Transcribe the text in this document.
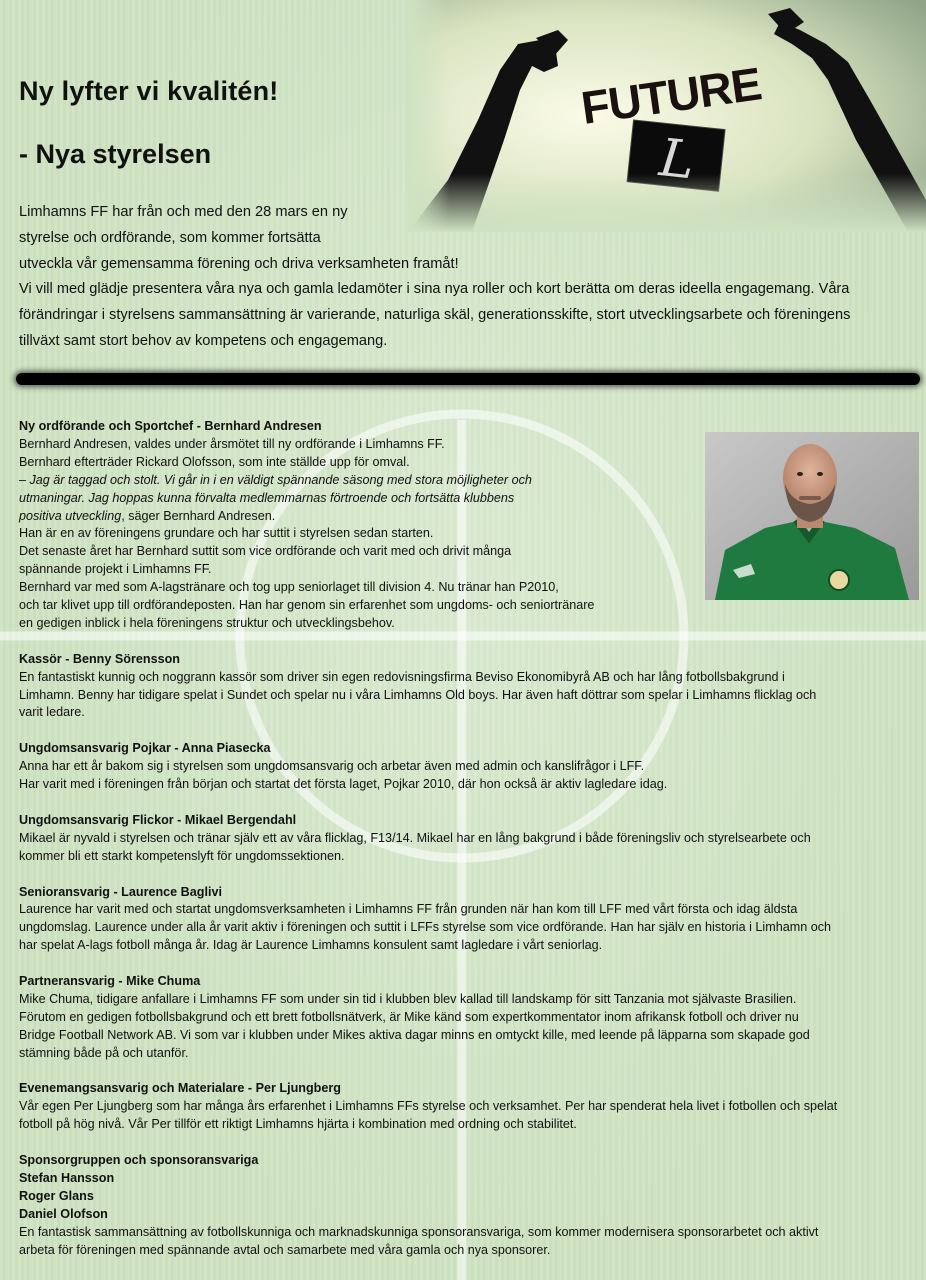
Ny lyfter vi kvalitén!
- Nya styrelsen
Limhamns FF har från och med den 28 mars en ny
styrelse och ordförande, som kommer fortsätta
utveckla vår gemensamma förening och driva verksamheten framåt!
Vi vill med glädje presentera våra nya och gamla ledamöter i sina nya roller och kort berätta om deras ideella engagemang. Våra
förändringar i styrelsens sammansättning är varierande, naturliga skäl, generationsskifte, stort utvecklingsarbete och föreningens
tillväxt samt stort behov av kompetens och engagemang.
Ny ordförande och Sportchef - Bernhard Andresen
Bernhard Andresen, valdes under årsmötet till ny ordförande i Limhamns FF.
Bernhard efterträder Rickard Olofsson, som inte ställde upp för omval.
– Jag är taggad och stolt. Vi går in i en väldigt spännande säsong med stora möjligheter och
utmaningar. Jag hoppas kunna förvalta medlemmarnas förtroende och fortsätta klubbens
positiva utveckling, säger Bernhard Andresen.
Han är en av föreningens grundare och har suttit i styrelsen sedan starten.
Det senaste året har Bernhard suttit som vice ordförande och varit med och drivit många
spännande projekt i Limhamns FF.
Bernhard var med som A-lagstränare och tog upp seniorlaget till division 4. Nu tränar han P2010,
och tar klivet upp till ordförandeposten. Han har genom sin erfarenhet som ungdoms- och seniortränare
en gedigen inblick i hela föreningens struktur och utvecklingsbehov.
Kassör - Benny Sörensson
En fantastiskt kunnig och noggrann kassör som driver sin egen redovisningsfirma Beviso Ekonomibyrå AB och har lång fotbollsbakgrund i
Limhamn. Benny har tidigare spelat i Sundet och spelar nu i våra Limhamns Old boys. Har även haft döttrar som spelar i Limhamns flicklag och
varit ledare.
Ungdomsansvarig Pojkar - Anna Piasecka
Anna har ett år bakom sig i styrelsen som ungdomsansvarig och arbetar även med admin och kanslifrågor i LFF.
Har varit med i föreningen från början och startat det första laget, Pojkar 2010, där hon också är aktiv lagledare idag.
Ungdomsansvarig Flickor - Mikael Bergendahl
Mikael är nyvald i styrelsen och tränar själv ett av våra flicklag, F13/14. Mikael har en lång bakgrund i både föreningsliv och styrelsearbete och
kommer bli ett starkt kompetenslyft för ungdomssektionen.
Senioransvarig - Laurence Baglivi
Laurence har varit med och startat ungdomsverksamheten i Limhamns FF från grunden när han kom till LFF med vårt första och idag äldsta
ungdomslag. Laurence under alla år varit aktiv i föreningen och suttit i LFFs styrelse som vice ordförande. Han har själv en historia i Limhamn och
har spelat A-lags fotboll många år. Idag är Laurence Limhamns konsulent samt lagledare i vårt seniorlag.
Partneransvarig - Mike Chuma
Mike Chuma, tidigare anfallare i Limhamns FF som under sin tid i klubben blev kallad till landskamp för sitt Tanzania mot självaste Brasilien.
Förutom en gedigen fotbollsbakgrund och ett brett fotbollsnätverk, är Mike känd som expertkommentator inom afrikansk fotboll och driver nu
Bridge Football Network AB. Vi som var i klubben under Mikes aktiva dagar minns en omtyckt kille, med leende på läpparna som skapade god
stämning både på och utanför.
Evenemangsansvarig och Materialare - Per Ljungberg
Vår egen Per Ljungberg som har många års erfarenhet i Limhamns FFs styrelse och verksamhet. Per har spenderat hela livet i fotbollen och spelat
fotboll på hög nivå. Vår Per tillför ett riktigt Limhamns hjärta i kombination med ordning och stabilitet.
Sponsorgruppen och sponsoransvariga
Stefan Hansson
Roger Glans
Daniel Olofson
En fantastisk sammansättning av fotbollskunniga och marknadskunniga sponsoransvariga, som kommer modernisera sponsorarbetet och aktivt
arbeta för föreningen med spännande avtal och samarbete med våra gamla och nya sponsorer.
